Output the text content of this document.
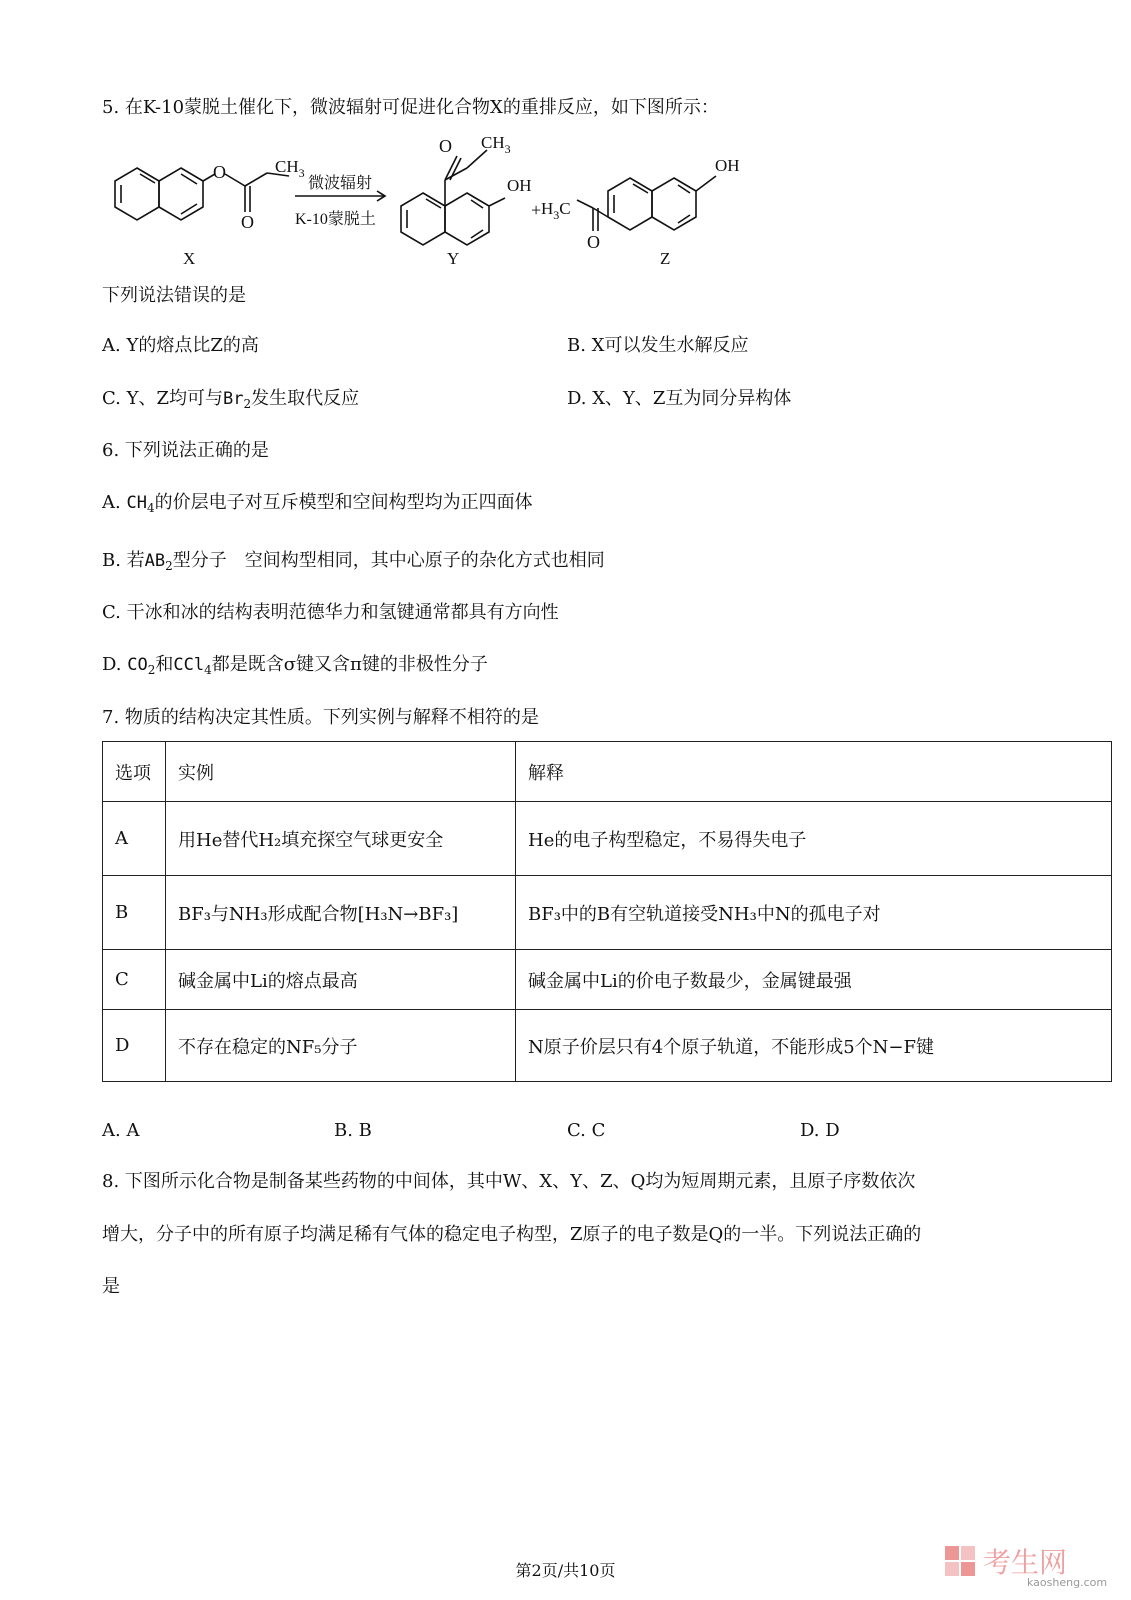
5. 在K-10蒙脱土催化下，微波辐射可促进化合物X的重排反应，如下图所示：
O
O
O
O
$CH_3$
$CH_3$
OH
OH
$H_3C$
+
微波辐射
K-10蒙脱土
X	Y	Z
下列说法错误的是
A. Y的熔点比Z的高	B. X可以发生水解反应
C. Y、Z均可与$Br_2$发生取代反应	D. X、Y、Z互为同分异构体
6. 下列说法正确的是
A. $CH_4$的价层电子对互斥模型和空间构型均为正四面体
B. 若$AB_2$型分子　空间构型相同，其中心原子的杂化方式也相同
C. 干冰和冰的结构表明范德华力和氢键通常都具有方向性
D. $CO_2$和CCl$_4$都是既含σ键又含π键的非极性分子
7. 物质的结构决定其性质。下列实例与解释不相符的是
选项	实例	解释
A	用He替代H₂填充探空气球更安全	He的电子构型稳定，不易得失电子
B	BF₃与NH₃形成配合物[H₃N→BF₃]	BF₃中的B有空轨道接受NH₃中N的孤电子对
C	碱金属中Li的熔点最高	碱金属中Li的价电子数最少，金属键最强
D	不存在稳定的NF₅分子	N原子价层只有4个原子轨道，不能形成5个N−F键
A. A	B. B	C. C	D. D
8. 下图所示化合物是制备某些药物的中间体，其中W、X、Y、Z、Q均为短周期元素，且原子序数依次
增大，分子中的所有原子均满足稀有气体的稳定电子构型，Z原子的电子数是Q的一半。下列说法正确的
是
第2页/共10页	考生网
kaosheng.com
